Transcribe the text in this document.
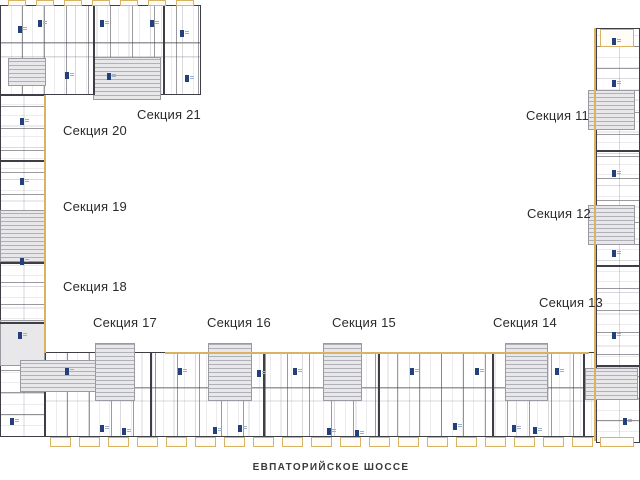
ЕВПАТОРИЙСКОЕ ШОССЕ
Секция 21
Секция 20
Секция 19
Секция 18
Секция 17	Секция 16	Секция 15	Секция 14
Секция 13
Секция 12
Секция 11
